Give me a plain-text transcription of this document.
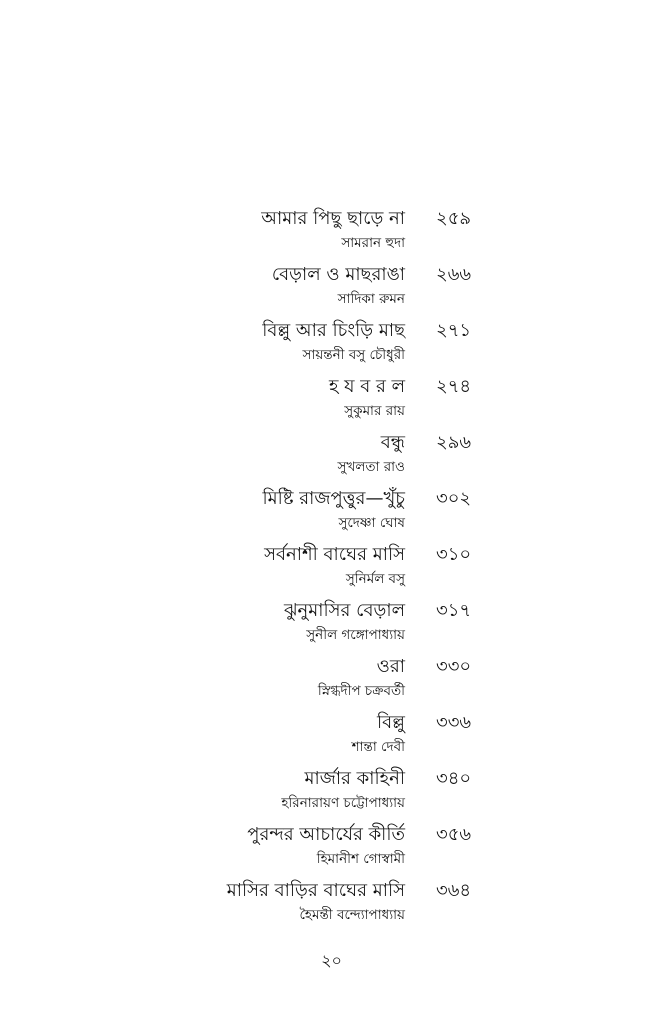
আমার পিছু ছাড়ে না ২৫৯
সামরান হুদা
বেড়াল ও মাছরাঙা ২৬৬
সাদিকা রুমন
বিল্লু আর চিংড়ি মাছ ২৭১
সায়ন্তনী বসু চৌধুরী
হ য ব র ল ২৭৪
সুকুমার রায়
বন্ধু ২৯৬
সুখলতা রাও
মিষ্টি রাজপুত্তুর—খুঁচু ৩০২
সুদেষ্ণা ঘোষ
সর্বনাশী বাঘের মাসি ৩১০
সুনির্মল বসু
ঝুনুমাসির বেড়াল ৩১৭
সুনীল গঙ্গোপাধ্যায়
ওরা ৩৩০
স্নিগ্ধদীপ চক্রবর্তী
বিল্লু ৩৩৬
শান্তা দেবী
মার্জার কাহিনী ৩৪০
হরিনারায়ণ চট্টোপাধ্যায়
পুরন্দর আচার্যের কীর্তি ৩৫৬
হিমানীশ গোস্বামী
মাসির বাড়ির বাঘের মাসি ৩৬৪
হৈমন্তী বন্দ্যোপাধ্যায়
২০
